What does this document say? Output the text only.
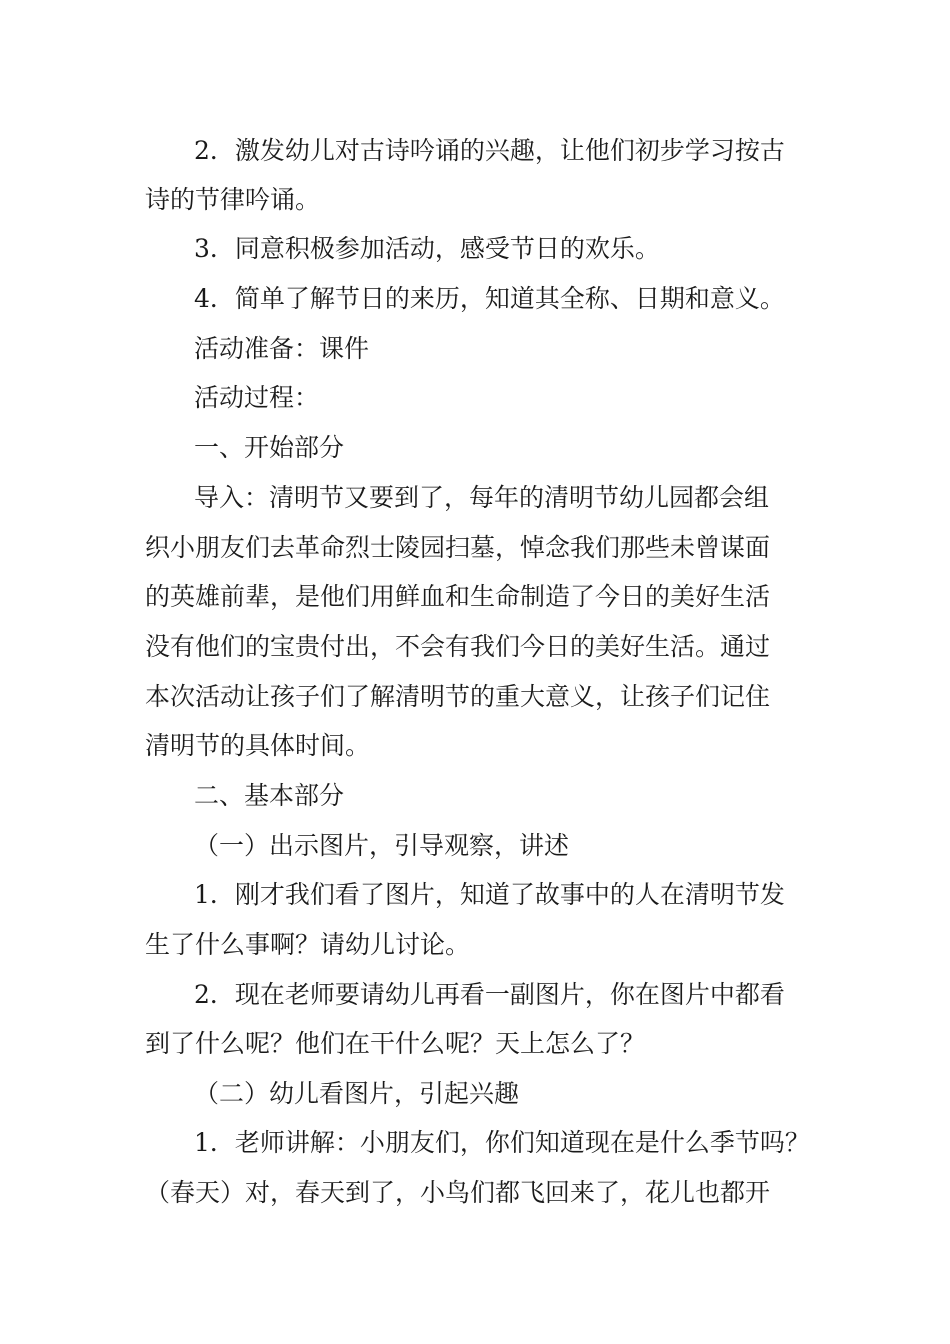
2．激发幼儿对古诗吟诵的兴趣，让他们初步学习按古
诗的节律吟诵。
3．同意积极参加活动，感受节日的欢乐。
4．简单了解节日的来历，知道其全称、日期和意义。
活动准备：课件
活动过程：
一、开始部分
导入：清明节又要到了，每年的清明节幼儿园都会组
织小朋友们去革命烈士陵园扫墓，悼念我们那些未曾谋面
的英雄前辈，是他们用鲜血和生命制造了今日的美好生活
没有他们的宝贵付出，不会有我们今日的美好生活。通过
本次活动让孩子们了解清明节的重大意义，让孩子们记住
清明节的具体时间。
二、基本部分
（一）出示图片，引导观察，讲述
1．刚才我们看了图片，知道了故事中的人在清明节发
生了什么事啊？请幼儿讨论。
2．现在老师要请幼儿再看一副图片，你在图片中都看
到了什么呢？他们在干什么呢？天上怎么了？
（二）幼儿看图片，引起兴趣
1．老师讲解：小朋友们，你们知道现在是什么季节吗？
（春天）对，春天到了，小鸟们都飞回来了，花儿也都开
